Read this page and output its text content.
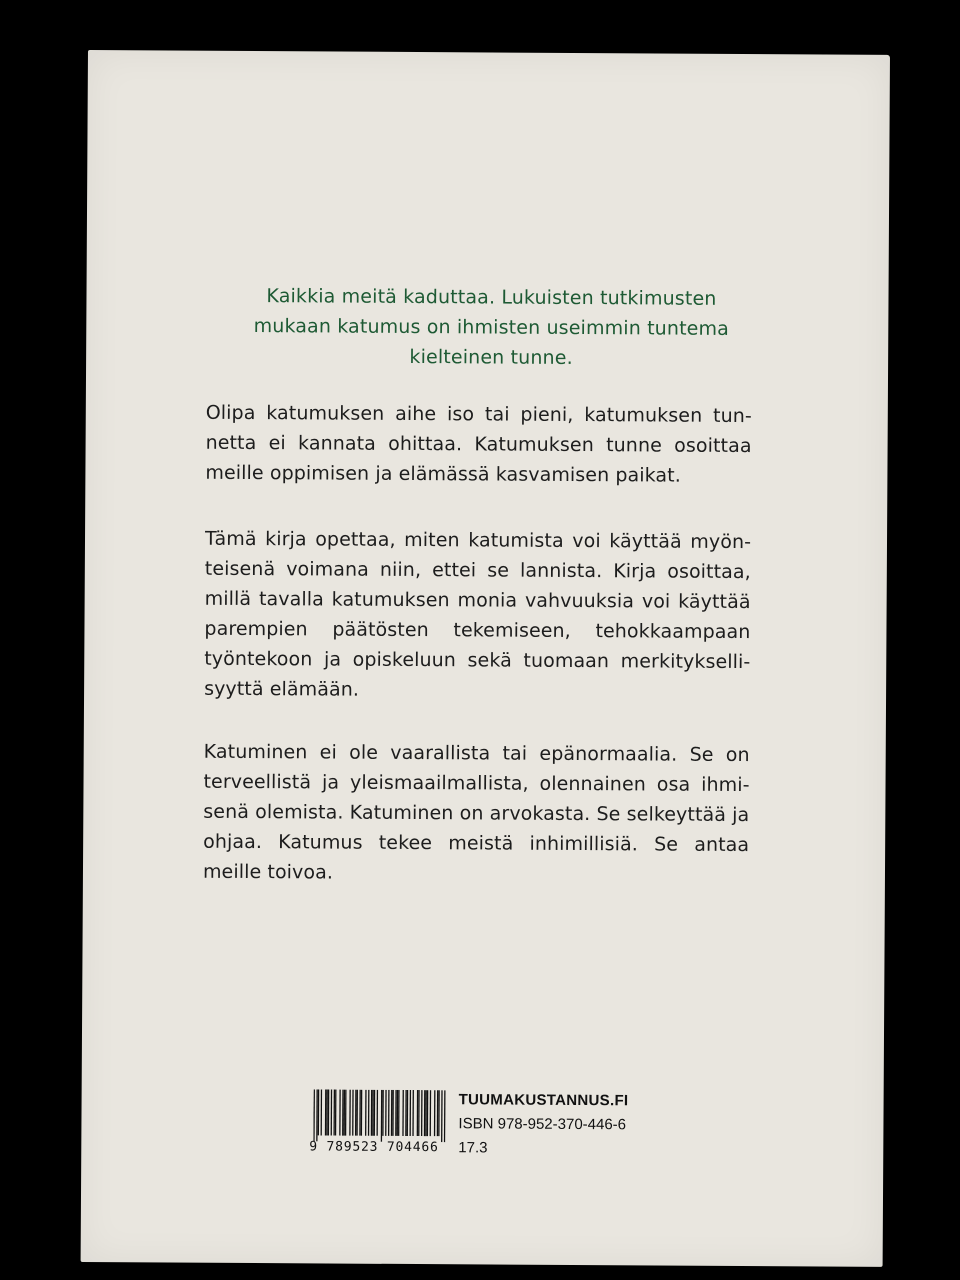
Kaikkia meitä kaduttaa. Lukuisten tutkimusten mukaan katumus on ihmisten useimmin tuntema kielteinen tunne.

Olipa katumuksen aihe iso tai pieni, katumuksen tunnetta ei kannata ohittaa. Katumuksen tunne osoittaa meille oppimisen ja elämässä kasvamisen paikat.

Tämä kirja opettaa, miten katumista voi käyttää myönteisenä voimana niin, ettei se lannista. Kirja osoittaa, millä tavalla katumuksen monia vahvuuksia voi käyttää parempien päätösten tekemiseen, tehokkaampaan työntekoon ja opiskeluun sekä tuomaan merkityksellisyyttä elämään.

Katuminen ei ole vaarallista tai epänormaalia. Se on terveellistä ja yleismaailmallista, olennainen osa ihmisenä olemista. Katuminen on arvokasta. Se selkeyttää ja ohjaa. Katumus tekee meistä inhimillisiä. Se antaa meille toivoa.

9 789523 704466
TUUMAKUSTANNUS.FI
ISBN 978-952-370-446-6
17.3
